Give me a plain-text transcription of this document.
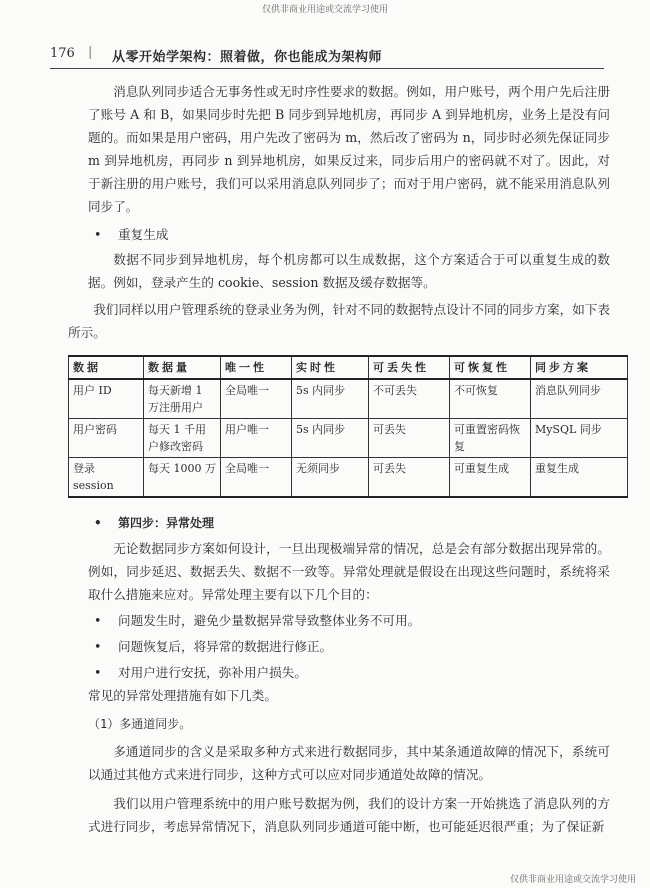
仅供非商业用途或交流学习使用
176 | 从零开始学架构：照着做，你也能成为架构师

消息队列同步适合无事务性或无时序性要求的数据。例如，用户账号，两个用户先后注册了账号 A 和 B，如果同步时先把 B 同步到异地机房，再同步 A 到异地机房，业务上是没有问题的。而如果是用户密码，用户先改了密码为 m，然后改了密码为 n，同步时必须先保证同步 m 到异地机房，再同步 n 到异地机房，如果反过来，同步后用户的密码就不对了。因此，对于新注册的用户账号，我们可以采用消息队列同步了；而对于用户密码，就不能采用消息队列同步了。

• 重复生成

数据不同步到异地机房，每个机房都可以生成数据，这个方案适合于可以重复生成的数据。例如，登录产生的 cookie、session 数据及缓存数据等。

我们同样以用户管理系统的登录业务为例，针对不同的数据特点设计不同的同步方案，如下表所示。

数据	数据量	唯一性	实时性	可丢失性	可恢复性	同步方案
用户 ID	每天新增 1 万注册用户	全局唯一	5s 内同步	不可丢失	不可恢复	消息队列同步
用户密码	每天 1 千用户修改密码	用户唯一	5s 内同步	可丢失	可重置密码恢复	MySQL 同步
登录 session	每天 1000 万	全局唯一	无须同步	可丢失	可重复生成	重复生成

• 第四步：异常处理

无论数据同步方案如何设计，一旦出现极端异常的情况，总是会有部分数据出现异常的。例如，同步延迟、数据丢失、数据不一致等。异常处理就是假设在出现这些问题时，系统将采取什么措施来应对。异常处理主要有以下几个目的：

• 问题发生时，避免少量数据异常导致整体业务不可用。

• 问题恢复后，将异常的数据进行修正。

• 对用户进行安抚，弥补用户损失。

常见的异常处理措施有如下几类。

（1）多通道同步。

多通道同步的含义是采取多种方式来进行数据同步，其中某条通道故障的情况下，系统可以通过其他方式来进行同步，这种方式可以应对同步通道处故障的情况。

我们以用户管理系统中的用户账号数据为例，我们的设计方案一开始挑选了消息队列的方式进行同步，考虑异常情况下，消息队列同步通道可能中断，也可能延迟很严重；为了保证新

仅供非商业用途或交流学习使用
